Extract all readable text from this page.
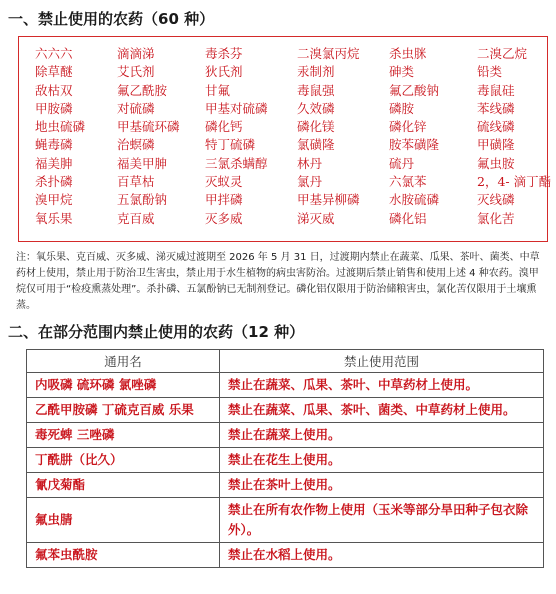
一、禁止使用的农药（60 种）
六六六	滴滴涕	毒杀芬	二溴氯丙烷	杀虫脒	二溴乙烷
除草醚	艾氏剂	狄氏剂	汞制剂	砷类	铅类
敌枯双	氟乙酰胺	甘氟	毒鼠强	氟乙酸钠	毒鼠硅
甲胺磷	对硫磷	甲基对硫磷	久效磷	磷胺	苯线磷
地虫硫磷	甲基硫环磷	磷化钙	磷化镁	磷化锌	硫线磷
蝇毒磷	治螟磷	特丁硫磷	氯磺隆	胺苯磺隆	甲磺隆
福美胂	福美甲胂	三氯杀螨醇	林丹	硫丹	氟虫胺
杀扑磷	百草枯	灭蚁灵	氯丹	六氯苯	2，4- 滴丁酯
溴甲烷	五氯酚钠	甲拌磷	甲基异柳磷	水胺硫磷	灭线磷
氧乐果	克百威	灭多威	涕灭威	磷化铝	氯化苦

注：氧乐果、克百威、灭多威、涕灭威过渡期至 2026 年 5 月 31 日，过渡期内禁止在蔬菜、瓜果、茶叶、菌类、中草药材上使用，禁止用于防治卫生害虫，禁止用于水生植物的病虫害防治。过渡期后禁止销售和使用上述 4 种农药。溴甲烷仅可用于“检疫熏蒸处理”。杀扑磷、五氯酚钠已无制剂登记。磷化铝仅限用于防治储粮害虫，氯化苦仅限用于土壤熏蒸。

二、在部分范围内禁止使用的农药（12 种）
通用名	禁止使用范围
内吸磷 硫环磷 氯唑磷	禁止在蔬菜、瓜果、茶叶、中草药材上使用。
乙酰甲胺磷 丁硫克百威 乐果	禁止在蔬菜、瓜果、茶叶、菌类、中草药材上使用。
毒死蜱 三唑磷	禁止在蔬菜上使用。
丁酰肼（比久）	禁止在花生上使用。
氰戊菊酯	禁止在茶叶上使用。
氟虫腈	禁止在所有农作物上使用（玉米等部分旱田种子包衣除外）。
氟苯虫酰胺	禁止在水稻上使用。
